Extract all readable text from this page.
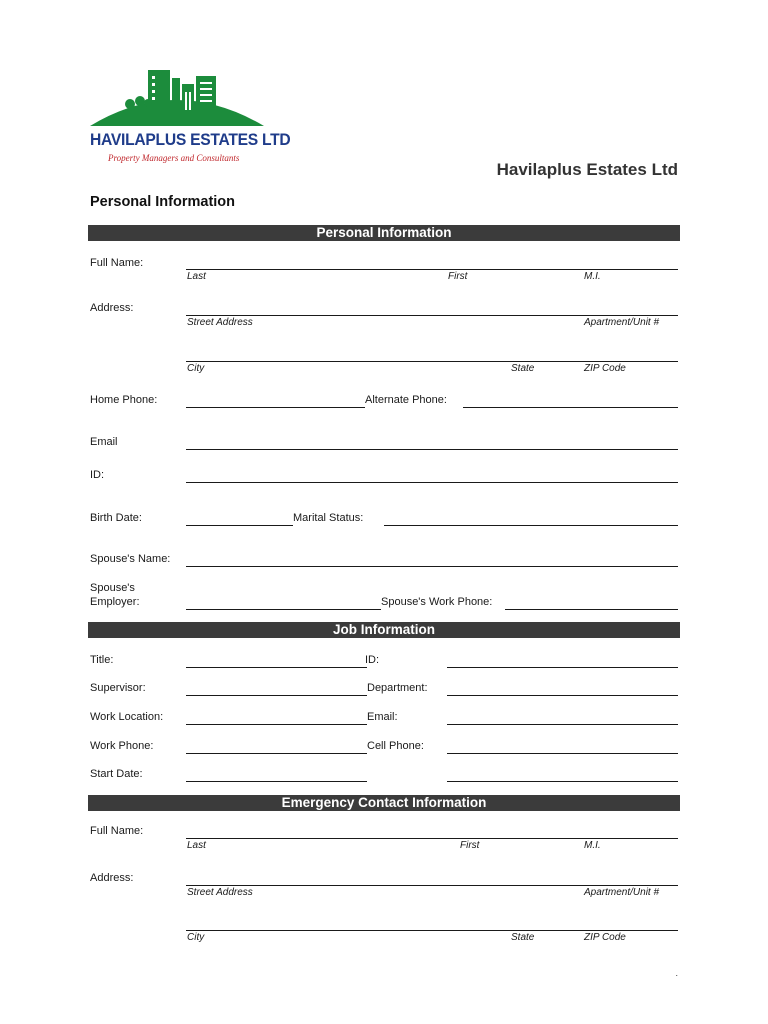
HAVILAPLUS ESTATES LTD
Property Managers and Consultants
Havilaplus Estates Ltd
Personal Information
Personal Information
Full Name:
Last	First	M.I.
Address:
Street Address	Apartment/Unit #
City	State	ZIP Code
Home Phone:	Alternate Phone:
Email
ID:
Birth Date:	Marital Status:
Spouse's Name:
Spouse's
Employer:	Spouse's Work Phone:
Job Information
Title:	ID:
Supervisor:	Department:
Work Location:	Email:
Work Phone:	Cell Phone:
Start Date:
Emergency Contact Information
Full Name:
Last	First	M.I.
Address:
Street Address	Apartment/Unit #
City	State	ZIP Code
.
